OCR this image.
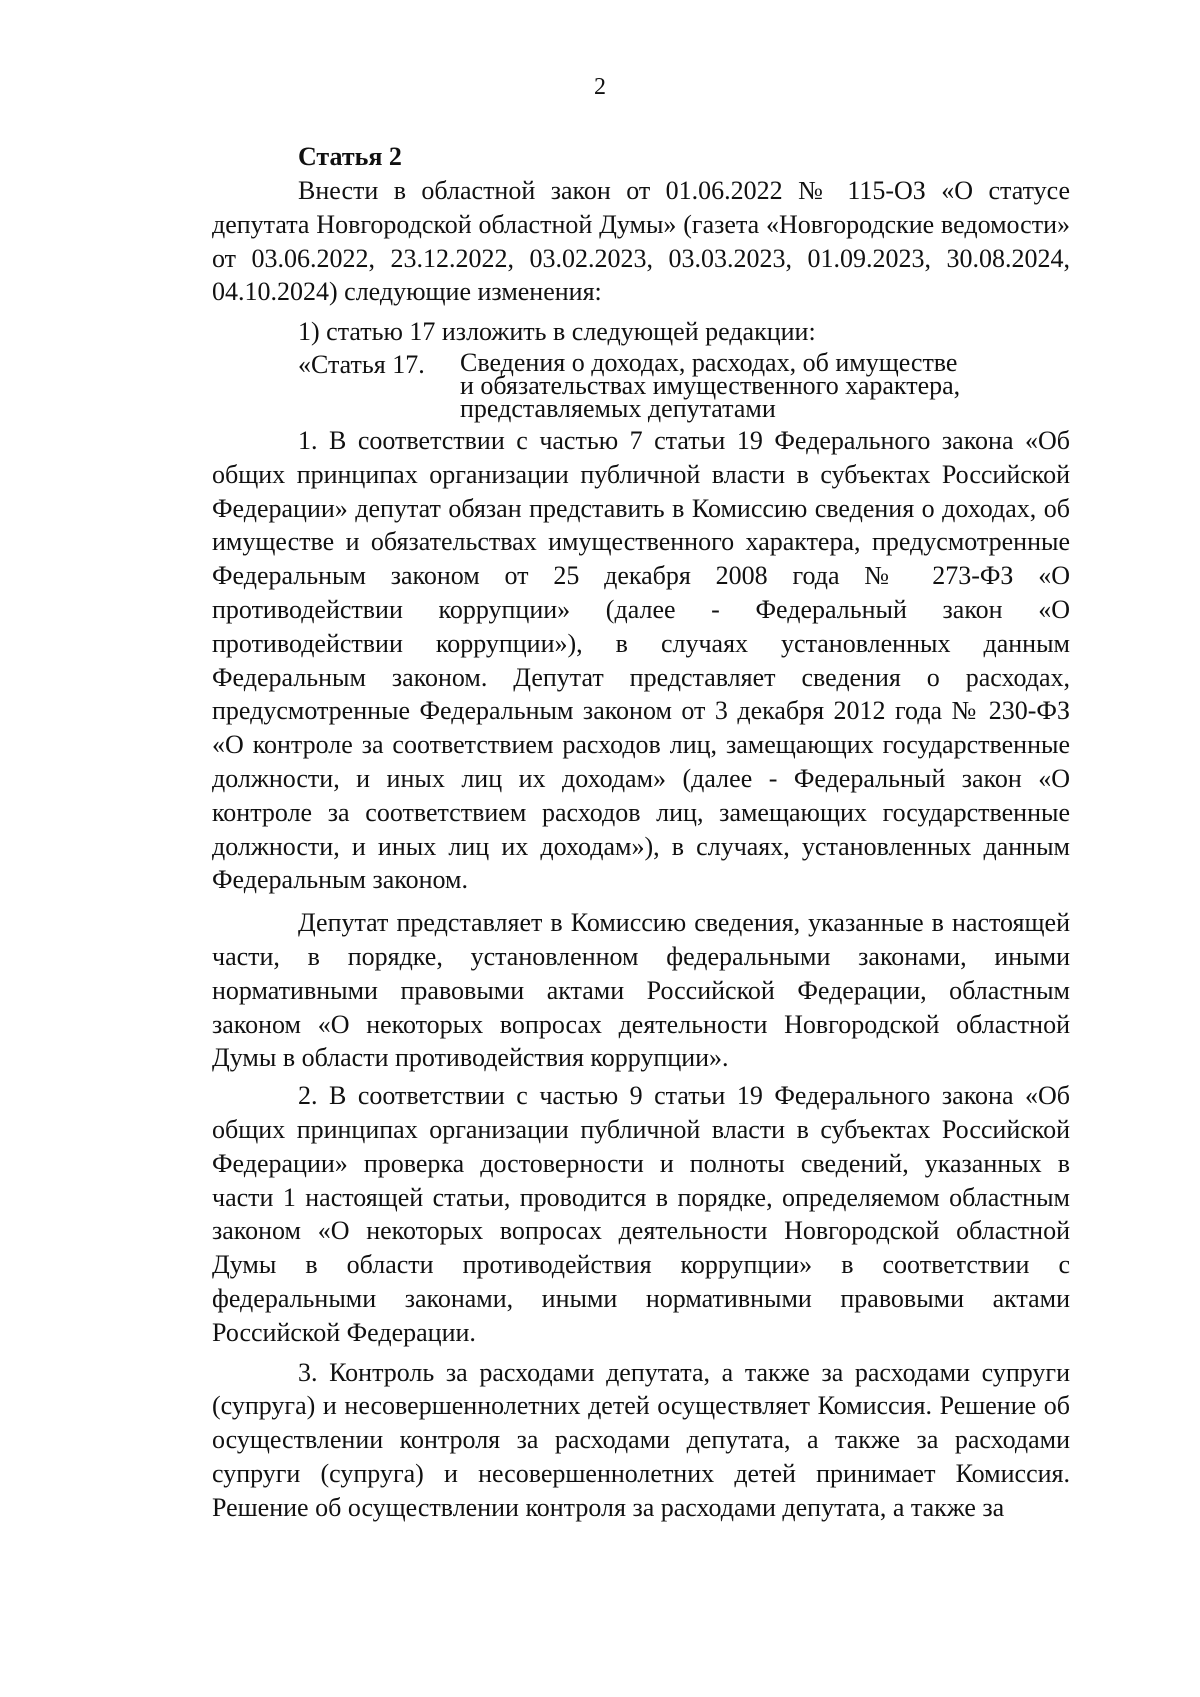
2
Статья 2

Внести в областной закон от 01.06.2022 № 115-ОЗ «О статусе депутата Новгородской областной Думы» (газета «Новгородские ведомости» от 03.06.2022, 23.12.2022, 03.02.2023, 03.03.2023, 01.09.2023, 30.08.2024, 04.10.2024) следующие изменения:

1) статью 17 изложить в следующей редакции:

«Статья 17.	Сведения о доходах, расходах, об имуществе
и обязательствах имущественного характера,
представляемых депутатами

1. В соответствии с частью 7 статьи 19 Федерального закона «Об общих принципах организации публичной власти в субъектах Российской Федерации» депутат обязан представить в Комиссию сведения о доходах, об имуществе и обязательствах имущественного характера, предусмотренные Федеральным законом от 25 декабря 2008 года № 273-ФЗ «О противодействии коррупции» (далее - Федеральный закон «О противодействии коррупции»), в случаях установленных данным Федеральным законом. Депутат представляет сведения о расходах, предусмотренные Федеральным законом от 3 декабря 2012 года № 230-ФЗ «О контроле за соответствием расходов лиц, замещающих государственные должности, и иных лиц их доходам» (далее - Федеральный закон «О контроле за соответствием расходов лиц, замещающих государственные должности, и иных лиц их доходам»), в случаях, установленных данным Федеральным законом.

Депутат представляет в Комиссию сведения, указанные в настоящей части, в порядке, установленном федеральными законами, иными нормативными правовыми актами Российской Федерации, областным законом «О некоторых вопросах деятельности Новгородской областной Думы в области противодействия коррупции».

2. В соответствии с частью 9 статьи 19 Федерального закона «Об общих принципах организации публичной власти в субъектах Российской Федерации» проверка достоверности и полноты сведений, указанных в части 1 настоящей статьи, проводится в порядке, определяемом областным законом «О некоторых вопросах деятельности Новгородской областной Думы в области противодействия коррупции» в соответствии с федеральными законами, иными нормативными правовыми актами Российской Федерации.

3. Контроль за расходами депутата, а также за расходами супруги (супруга) и несовершеннолетних детей осуществляет Комиссия. Решение об осуществлении контроля за расходами депутата, а также за расходами супруги (супруга) и несовершеннолетних детей принимает Комиссия. Решение об осуществлении контроля за расходами депутата, а также за
